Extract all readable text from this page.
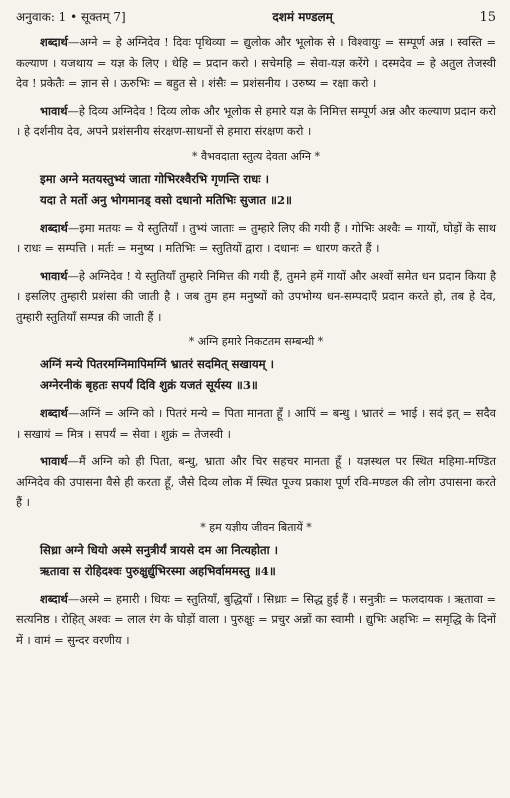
अनुवाक: 1 • सूक्तम् 7]	दशमं मण्डलम्	15

शब्दार्थ—अग्ने = हे अग्निदेव ! दिवः पृथिव्या = द्युलोक और भूलोक से । विश्वायुः = सम्पूर्ण अन्न । स्वस्ति = कल्याण । यजथाय = यज्ञ के लिए । धेहि = प्रदान करो । सचेमहि = सेवा-यज्ञ करेंगे । दस्मदेव = हे अतुल तेजस्वी देव ! प्रकेतैः = ज्ञान से । ऊरुभिः = बहुत से । शंसैः = प्रशंसनीय । उरुष्य = रक्षा करो ।

भावार्थ—हे दिव्य अग्निदेव ! दिव्य लोक और भूलोक से हमारे यज्ञ के निमित्त सम्पूर्ण अन्न और कल्याण प्रदान करो । हे दर्शनीय देव, अपने प्रशंसनीय संरक्षण-साधनों से हमारा संरक्षण करो ।

* वैभवदाता स्तुत्य देवता अग्नि *
इमा अग्ने मतयस्तुभ्यं जाता गोभिरश्वैरभि गृणन्ति राधः ।
यदा ते मर्तो अनु भोगमानड् वसो दधानो मतिभिः सुजात ॥2॥

शब्दार्थ—इमा मतयः = ये स्तुतियाँ । तुभ्यं जाताः = तुम्हारे लिए की गयी हैं । गोभिः अश्वैः = गायों, घोड़ों के साथ । राधः = सम्पत्ति । मर्तः = मनुष्य । मतिभिः = स्तुतियों द्वारा । दधानः = धारण करते हैं ।

भावार्थ—हे अग्निदेव ! ये स्तुतियाँ तुम्हारे निमित्त की गयी हैं, तुमने हमें गायों और अश्वों समेत धन प्रदान किया है । इसलिए तुम्हारी प्रशंसा की जाती है । जब तुम हम मनुष्यों को उपभोग्य धन-सम्पदाएँ प्रदान करते हो, तब हे देव, तुम्हारी स्तुतियाँ सम्पन्न की जाती हैं ।

* अग्नि हमारे निकटतम सम्बन्धी *
अग्निं मन्ये पितरमग्निमापिमग्निं भ्रातरं सदमित् सखायम् ।
अग्नेरनीकं बृहतः सपर्यं दिवि शुक्रं यजतं सूर्यस्य ॥3॥

शब्दार्थ—अग्निं = अग्नि को । पितरं मन्ये = पिता मानता हूँ । आपिं = बन्धु । भ्रातरं = भाई । सदं इत् = सदैव । सखायं = मित्र । सपर्यं = सेवा । शुक्रं = तेजस्वी ।

भावार्थ—मैं अग्नि को ही पिता, बन्धु, भ्राता और चिर सहचर मानता हूँ । यज्ञस्थल पर स्थित महिमा-मण्डित अग्निदेव की उपासना वैसे ही करता हूँ, जैसे दिव्य लोक में स्थित पूज्य प्रकाश पूर्ण रवि-मण्डल की लोग उपासना करते हैं ।

* हम यज्ञीय जीवन बितायें *
सिध्रा अग्ने धियो अस्मे सनुत्रीर्यं त्रायसे दम आ नित्यहोता ।
ऋतावा स रोहिदश्वः पुरुक्षुर्द्युभिरस्मा अहभिर्वाममस्तु ॥4॥

शब्दार्थ—अस्मे = हमारी । धियः = स्तुतियाँ, बुद्धियाँ । सिध्राः = सिद्ध हुई हैं । सनुत्रीः = फलदायक । ऋतावा = सत्यनिष्ठ । रोहित् अश्वः = लाल रंग के घोड़ों वाला । पुरुक्षुः = प्रचुर अन्नों का स्वामी । द्युभिः अहभिः = समृद्धि के दिनों में । वामं = सुन्दर वरणीय ।
